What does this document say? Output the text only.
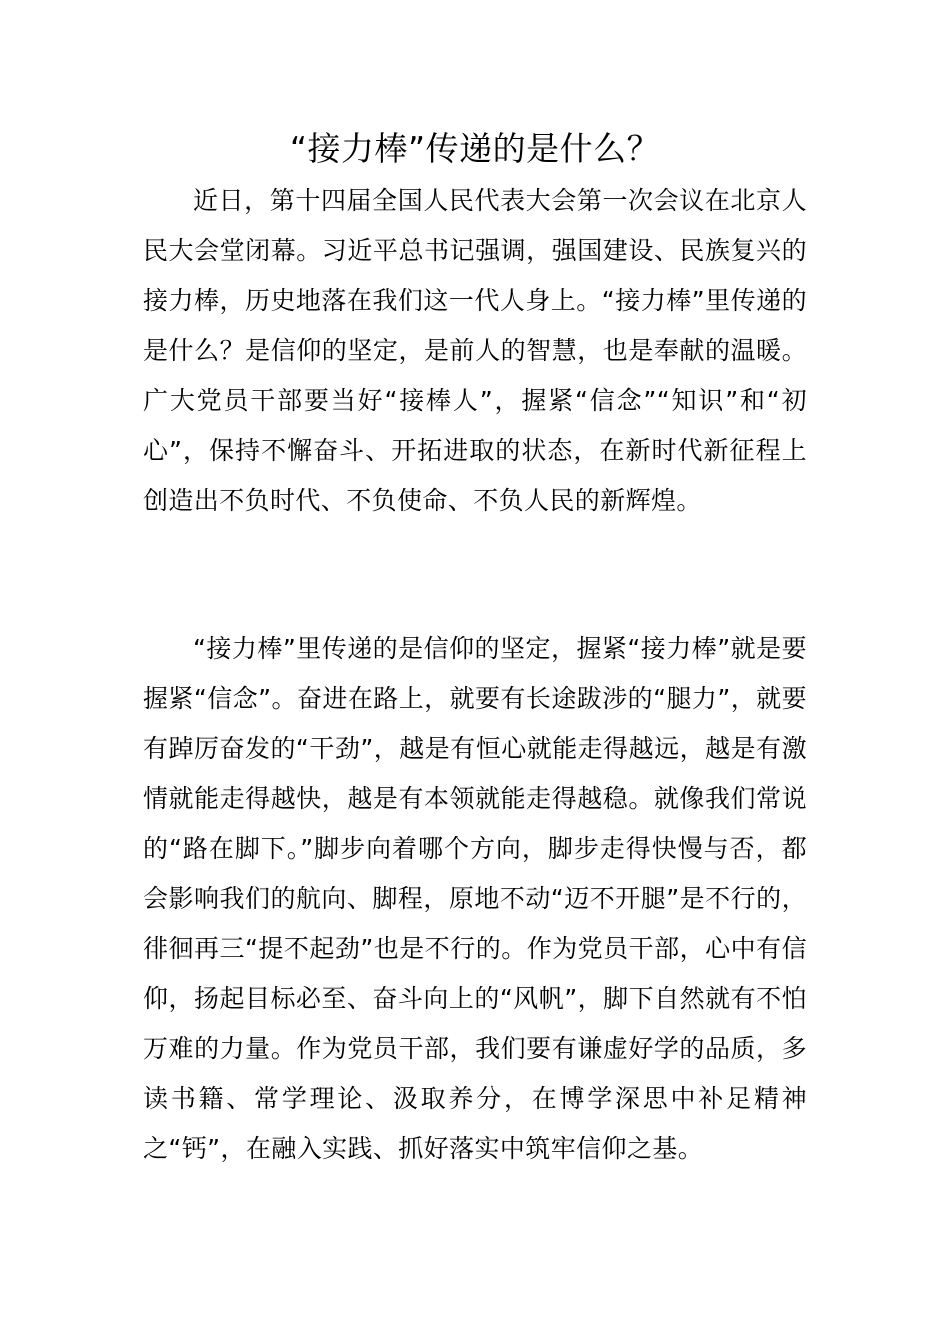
“接力棒”传递的是什么？

近日，第十四届全国人民代表大会第一次会议在北京人民大会堂闭幕。习近平总书记强调，强国建设、民族复兴的接力棒，历史地落在我们这一代人身上。“接力棒”里传递的是什么？是信仰的坚定，是前人的智慧，也是奉献的温暖。广大党员干部要当好“接棒人”，握紧“信念”“知识”和“初心”，保持不懈奋斗、开拓进取的状态，在新时代新征程上创造出不负时代、不负使命、不负人民的新辉煌。

“接力棒”里传递的是信仰的坚定，握紧“接力棒”就是要握紧“信念”。奋进在路上，就要有长途跋涉的“腿力”，就要有踔厉奋发的“干劲”，越是有恒心就能走得越远，越是有激情就能走得越快，越是有本领就能走得越稳。就像我们常说的“路在脚下。”脚步向着哪个方向，脚步走得快慢与否，都会影响我们的航向、脚程，原地不动“迈不开腿”是不行的，徘徊再三“提不起劲”也是不行的。作为党员干部，心中有信仰，扬起目标必至、奋斗向上的“风帆”，脚下自然就有不怕万难的力量。作为党员干部，我们要有谦虚好学的品质，多读书籍、常学理论、汲取养分，在博学深思中补足精神之“钙”，在融入实践、抓好落实中筑牢信仰之基。
